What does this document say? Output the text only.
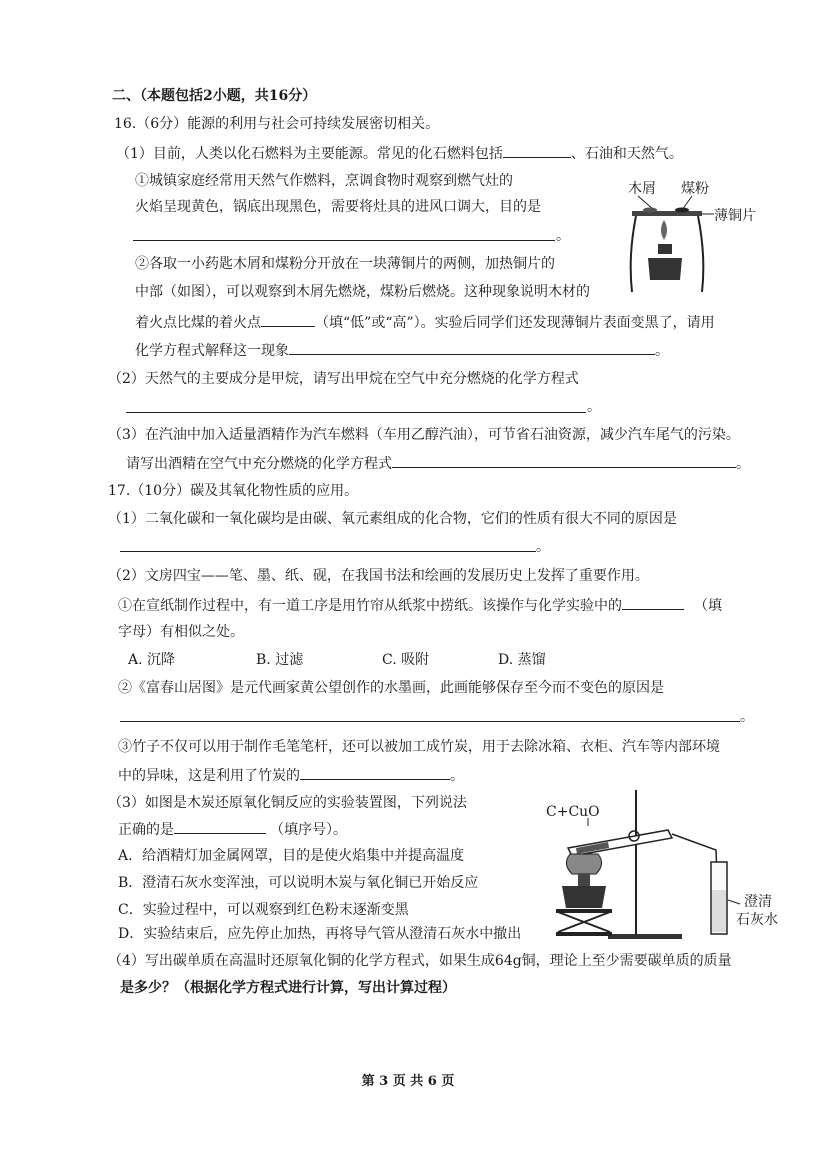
二、（本题包括2小题，共16分）
16.（6分）能源的利用与社会可持续发展密切相关。
（1）目前，人类以化石燃料为主要能源。常见的化石燃料包括	、石油和天然气。
①城镇家庭经常用天然气作燃料，烹调食物时观察到燃气灶的
火焰呈现黄色，锅底出现黑色，需要将灶具的进风口调大，目的是
。
②各取一小药匙木屑和煤粉分开放在一块薄铜片的两侧，加热铜片的
中部（如图），可以观察到木屑先燃烧，煤粉后燃烧。这种现象说明木材的
着火点比煤的着火点	（填“低”或“高”）。实验后同学们还发现薄铜片表面变黑了，请用
化学方程式解释这一现象	。
（2）天然气的主要成分是甲烷，请写出甲烷在空气中充分燃烧的化学方程式
。
（3）在汽油中加入适量酒精作为汽车燃料（车用乙醇汽油），可节省石油资源，减少汽车尾气的污染。
请写出酒精在空气中充分燃烧的化学方程式	。
木屑 煤粉
薄铜片
17.（10分）碳及其氧化物性质的应用。
（1）二氧化碳和一氧化碳均是由碳、氧元素组成的化合物，它们的性质有很大不同的原因是
。
（2）文房四宝——笔、墨、纸、砚，在我国书法和绘画的发展历史上发挥了重要作用。
①在宣纸制作过程中，有一道工序是用竹帘从纸浆中捞纸。该操作与化学实验中的	（填
字母）有相似之处。
A. 沉降	B. 过滤	C. 吸附	D. 蒸馏
②《富春山居图》是元代画家黄公望创作的水墨画，此画能够保存至今而不变色的原因是
。
③竹子不仅可以用于制作毛笔笔杆，还可以被加工成竹炭，用于去除冰箱、衣柜、汽车等内部环境
中的异味，这是利用了竹炭的	。
（3）如图是木炭还原氧化铜反应的实验装置图，下列说法
正确的是	（填序号）。
A．给酒精灯加金属网罩，目的是使火焰集中并提高温度
B．澄清石灰水变浑浊，可以说明木炭与氧化铜已开始反应
C．实验过程中，可以观察到红色粉末逐渐变黑
D．实验结束后，应先停止加热，再将导气管从澄清石灰水中撤出
（4）写出碳单质在高温时还原氧化铜的化学方程式，如果生成64g铜，理论上至少需要碳单质的质量
是多少？（根据化学方程式进行计算，写出计算过程）
C+CuO
澄清
石灰水
第 3 页 共 6 页
